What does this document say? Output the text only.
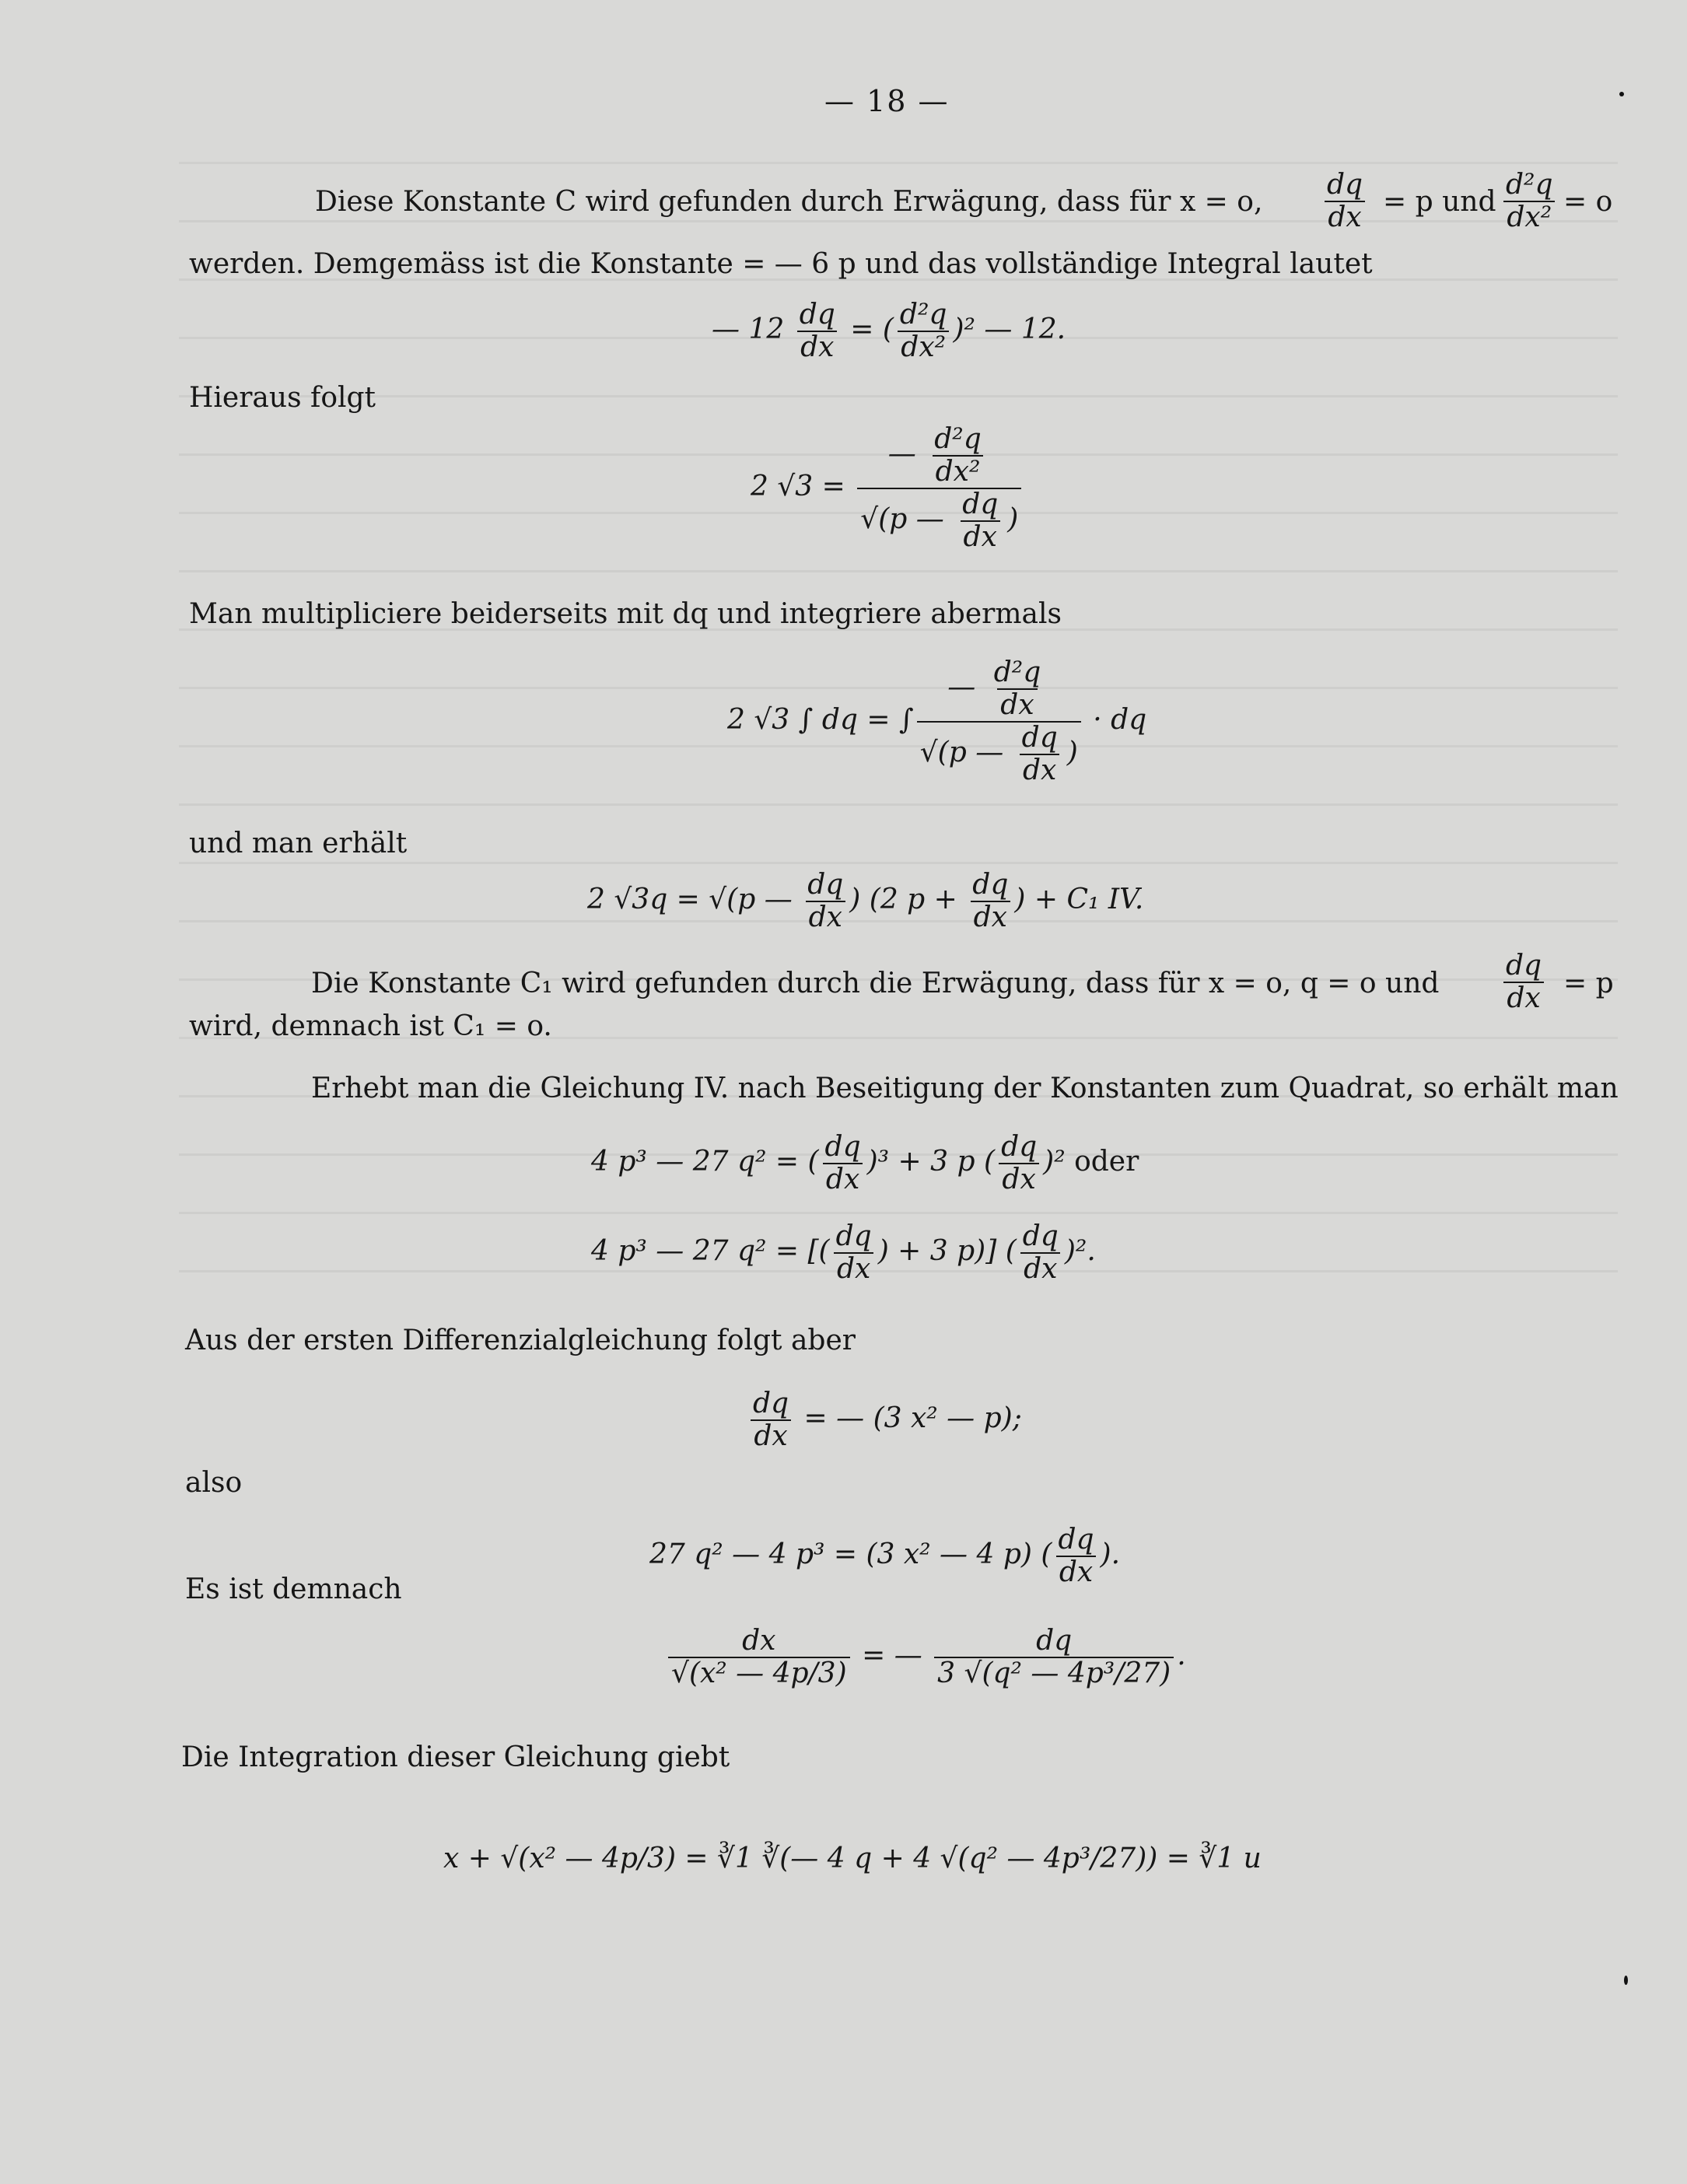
— 18 —
Diese Konstante C wird gefunden durch Erwägung, dass für x = o, $\frac{dq}{dx} = p$ und $\frac{\text{d²q}}{\text{dx²}} = o$
werden. Demgemäss ist die Konstante = — 6 p und das vollständige Integral lautet
— $12 \frac{dq}{dx}$ = ( $\frac{\text{d²q}}{\text{dx²}} )^2$ — 12.
Hieraus folgt
2 $√3 = \frac{— \frac{\text{d²q}}{\text{dx²}}}{√(p — \frac{dq}{dx} )}$
Man multipliciere beiderseits mit dq und integriere abermals
2 √3 ∫ dq = ∫ $\frac{— \frac{\text{d²q}}{dx}}{√(p — \frac{dq}{dx} )}$ · dq
und man erhält
2 √3q = √(p — $\frac{dq}{dx}$ ) (2 $p + \frac{dq}{dx}$ ) + C₁ IV.
Die Konstante C₁ wird gefunden durch die Erwägung, dass für x = o, q = o und $\frac{dq}{dx} = p$
wird, demnach ist C₁ = o.
Erhebt man die Gleichung IV. nach Beseitigung der Konstanten zum Quadrat, so erhält man
4 p³ — 27 q² = ( $\frac{dq}{dx} )^3 + 3$ p ( $\frac{dq}{dx} )^2$ oder
4 p³ — 27 q² = [( $\frac{dq}{dx}$ ) + 3 p)] ( $\frac{dq}{dx} )^2$.
Aus der ersten Differenzialgleichung folgt aber
$\frac{dq}{dx}$ = — (3 x² — p);
also
27 q² — 4 p³ = (3 x² — 4 p) ( $\frac{dq}{dx}$ ).
Es ist demnach
$\frac{dx}{\text{√(x² — 4p/3)}}$ = — $\frac{dq}{\text{3 √(q² — 4p³/27)}}$ .
Die Integration dieser Gleichung giebt
x + √(x² — 4p/3) = ∛1 ∛(— 4 q + 4 √(q² — 4p³/27)) = ∛1 u
